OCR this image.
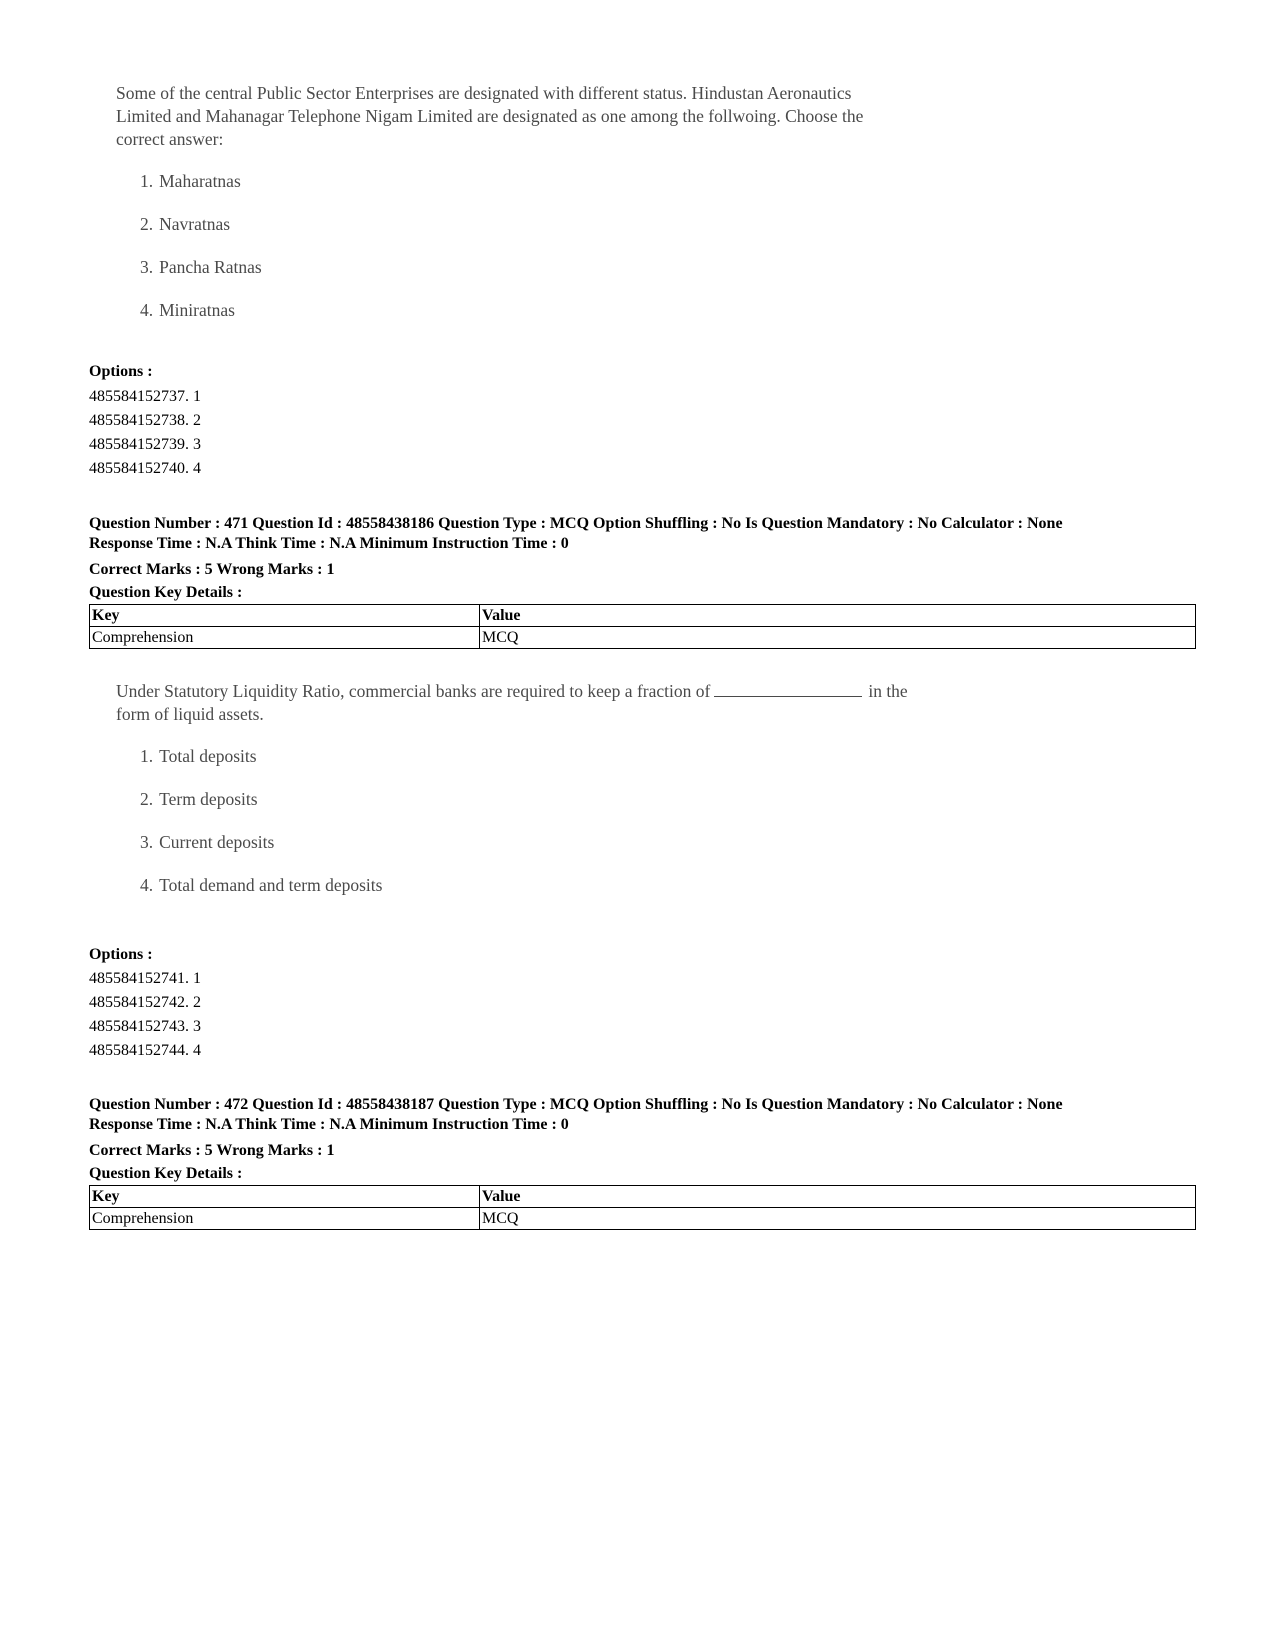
Some of the central Public Sector Enterprises are designated with different status. Hindustan Aeronautics
Limited and Mahanagar Telephone Nigam Limited are designated as one among the follwoing. Choose the
correct answer:

1. Maharatnas
2. Navratnas
3. Pancha Ratnas
4. Miniratnas
Options :
485584152737. 1
485584152738. 2
485584152739. 3
485584152740. 4
Question Number : 471 Question Id : 48558438186 Question Type : MCQ Option Shuffling : No Is Question Mandatory : No Calculator : None
Response Time : N.A Think Time : N.A Minimum Instruction Time : 0
Correct Marks : 5 Wrong Marks : 1
Question Key Details :
Key	Value
Comprehension	MCQ

Under Statutory Liquidity Ratio, commercial banks are required to keep a fraction of	in the
form of liquid assets.

1. Total deposits
2. Term deposits
3. Current deposits
4. Total demand and term deposits
Options :
485584152741. 1
485584152742. 2
485584152743. 3
485584152744. 4
Question Number : 472 Question Id : 48558438187 Question Type : MCQ Option Shuffling : No Is Question Mandatory : No Calculator : None
Response Time : N.A Think Time : N.A Minimum Instruction Time : 0
Correct Marks : 5 Wrong Marks : 1
Question Key Details :
Key	Value
Comprehension	MCQ
